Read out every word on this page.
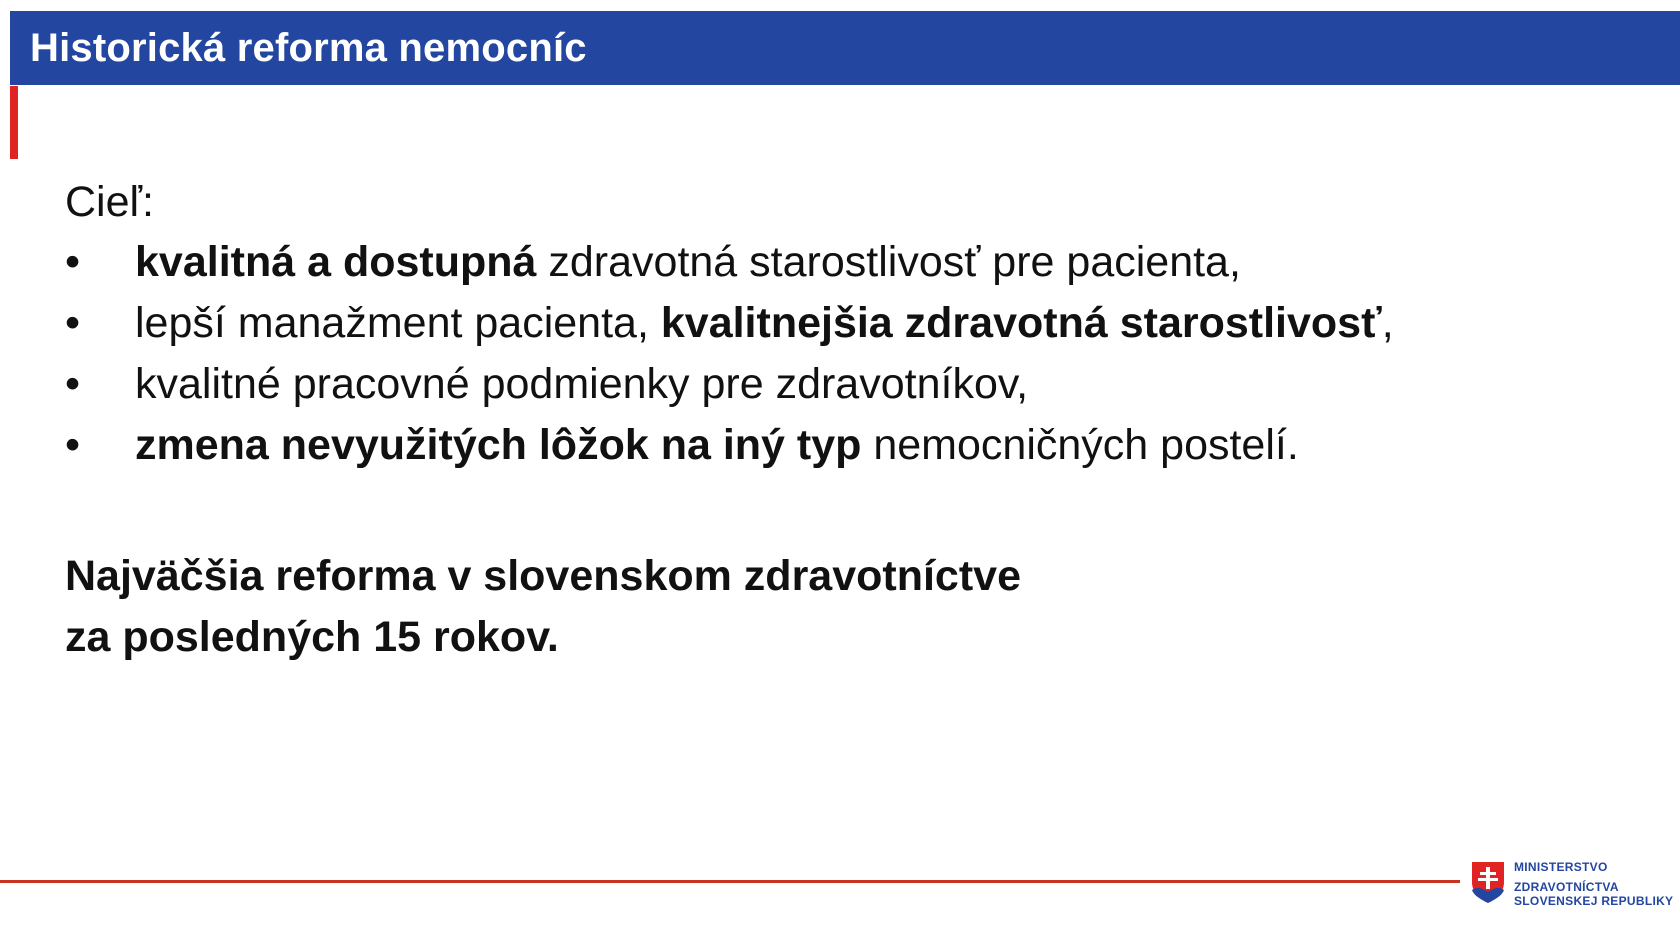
Historická reforma nemocníc
Cieľ:
• kvalitná a dostupná zdravotná starostlivosť pre pacienta,
• lepší manažment pacienta, kvalitnejšia zdravotná starostlivosť,
• kvalitné pracovné podmienky pre zdravotníkov,
• zmena nevyužitých lôžok na iný typ nemocničných postelí.
Najväčšia reforma v slovenskom zdravotníctve
za posledných 15 rokov.
MINISTERSTVO
ZDRAVOTNÍCTVA
SLOVENSKEJ REPUBLIKY
